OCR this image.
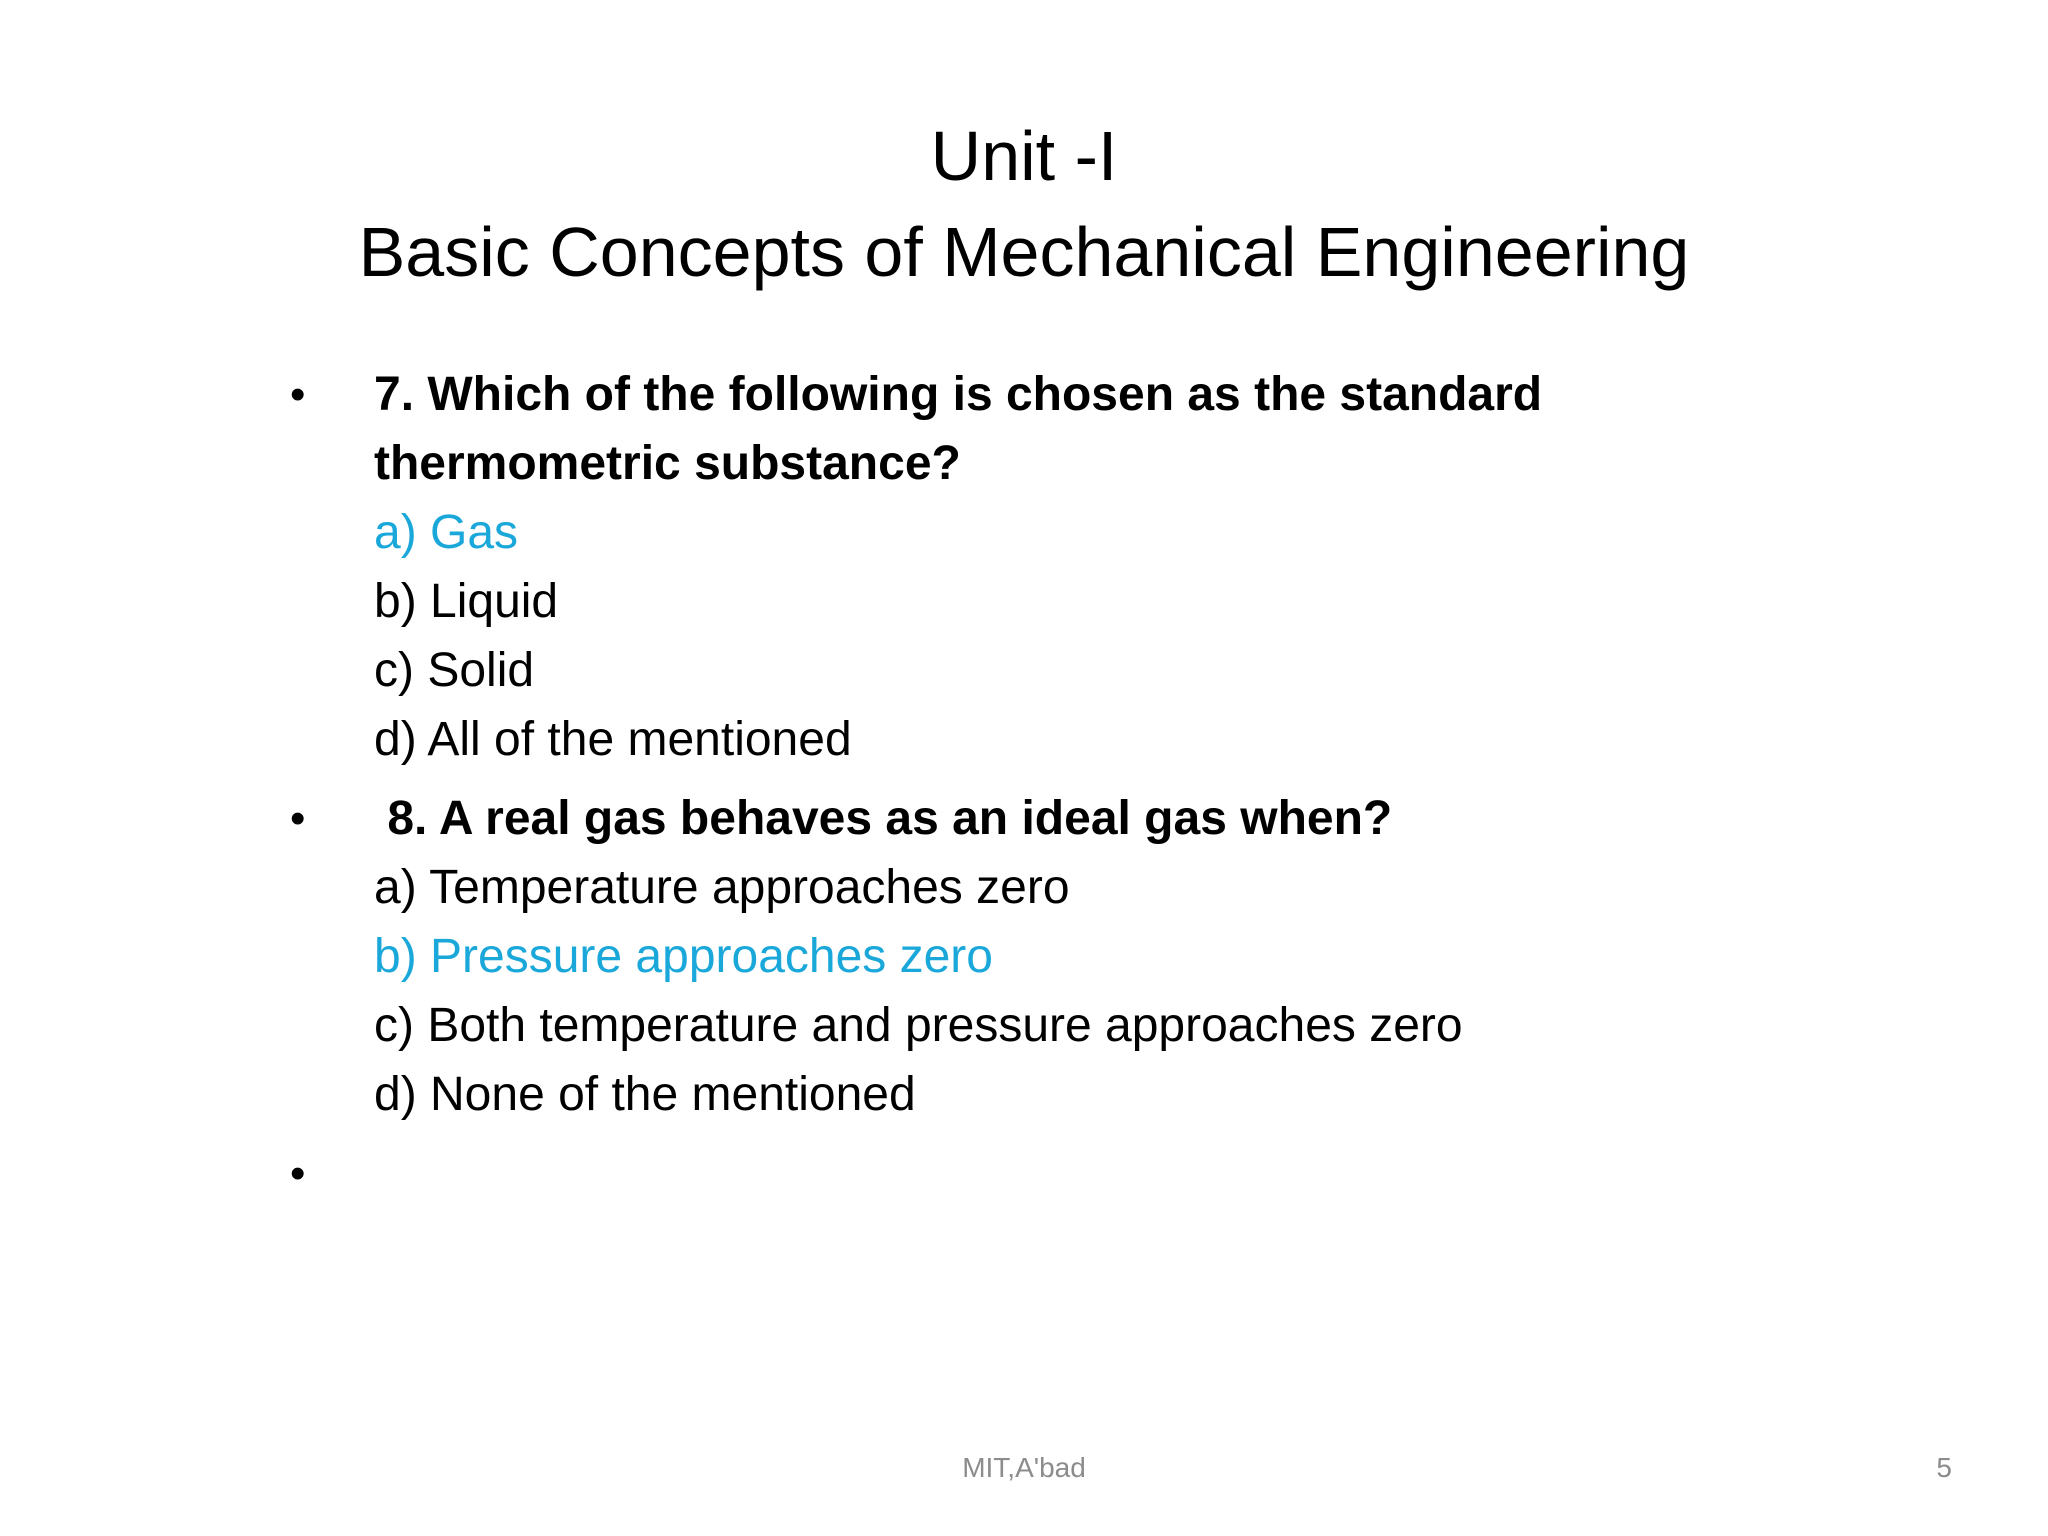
Unit -I
Basic Concepts of Mechanical Engineering
•	7. Which of the following is chosen as the standard
thermometric substance?
a) Gas
b) Liquid
c) Solid
d) All of the mentioned
•	8. A real gas behaves as an ideal gas when?
a) Temperature approaches zero
b) Pressure approaches zero
c) Both temperature and pressure approaches zero
d) None of the mentioned
•

MIT,A'bad	5
